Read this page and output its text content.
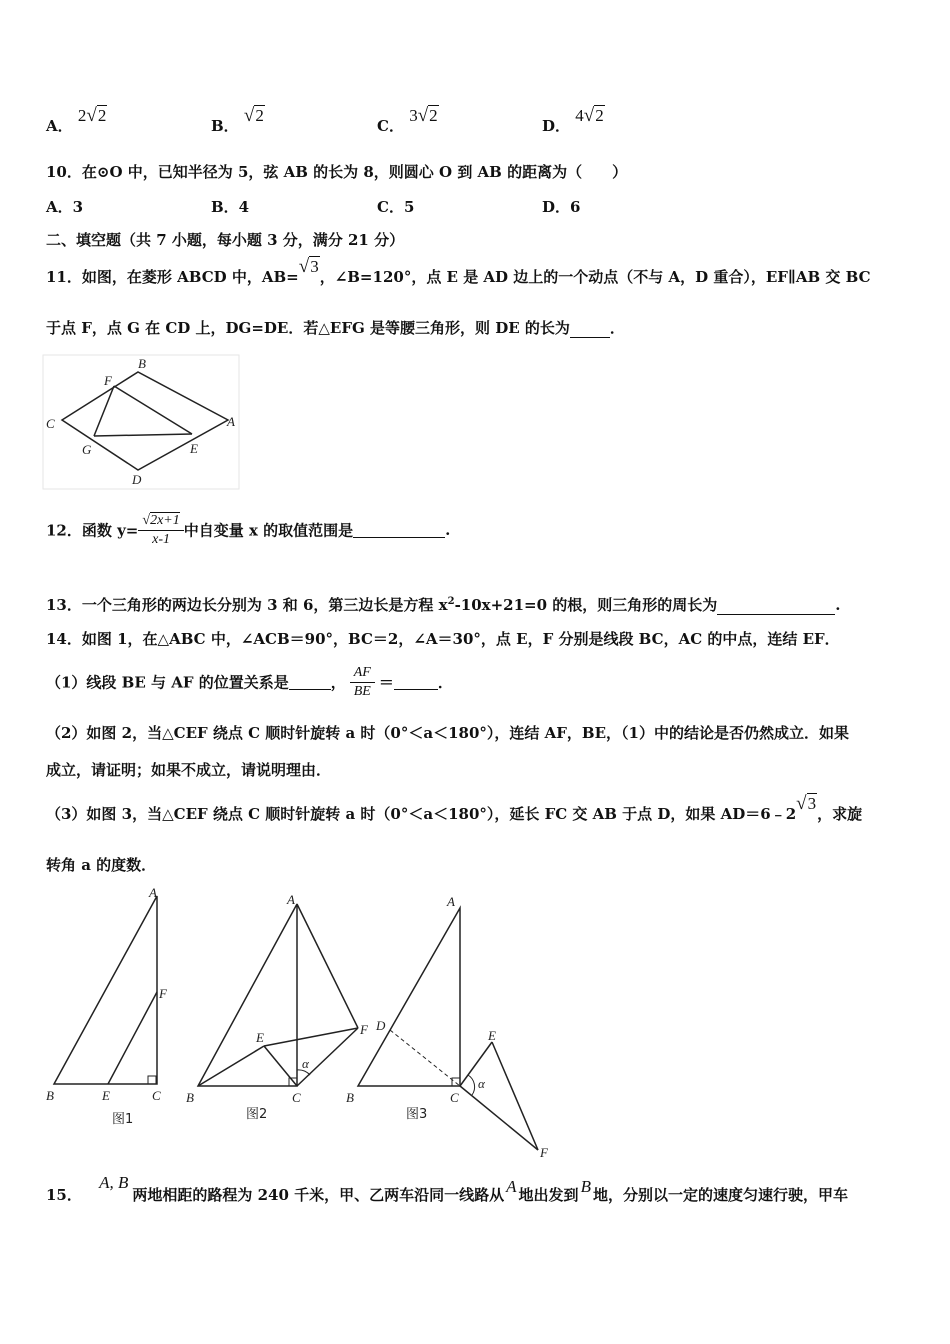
A． 2√2
B． √2
C． 3√2
D． 4√2
10．在⊙O 中，已知半径为 5，弦 AB 的长为 8，则圆心 O 到 AB 的距离为（　　）
A．3	B．4	C．5	D．6
二、填空题（共 7 小题，每小题 3 分，满分 21 分）
11．如图，在菱形 ABCD 中，AB=√3，∠B=120°，点 E 是 AD 边上的一个动点（不与 A，D 重合），EF∥AB 交 BC
于点 F，点 G 在 CD 上，DG=DE．若△EFG 是等腰三角形，则 DE 的长为	．
B
F
C	A
G	E
D
12．函数 $y= \frac{√2x+1}{x-1}$ 中自变量 x 的取值范围是	.
13．一个三角形的两边长分别为 3 和 6，第三边长是方程 $x^2-10x+21=0$ 的根，则三角形的周长为	.
14．如图 1，在△ABC 中，∠ACB＝90°，BC＝2，∠A＝30°，点 E，F 分别是线段 BC，AC 的中点，连结 EF．
（1）线段 BE 与 AF 的位置关系是	， $\frac{AF}{BE}$ ＝	．
（2）如图 2，当△CEF 绕点 C 顺时针旋转 a 时（0°＜a＜180°），连结 AF，BE，（1）中的结论是否仍然成立．如果
成立，请证明；如果不成立，请说明理由．
（3）如图 3，当△CEF 绕点 C 顺时针旋转 a 时（0°＜a＜180°），延长 FC 交 AB 于点 D，如果 AD＝6﹣2√3，求旋
转角 a 的度数．
A
F
B	E	C
图1
A
F
E
α
B	C
图2
A
D
E
α
B	C
F
图3
15． A, B两地相距的路程为 240 千米，甲、乙两车沿同一线路从 A 地出发到 B 地，分别以一定的速度匀速行驶，甲车
